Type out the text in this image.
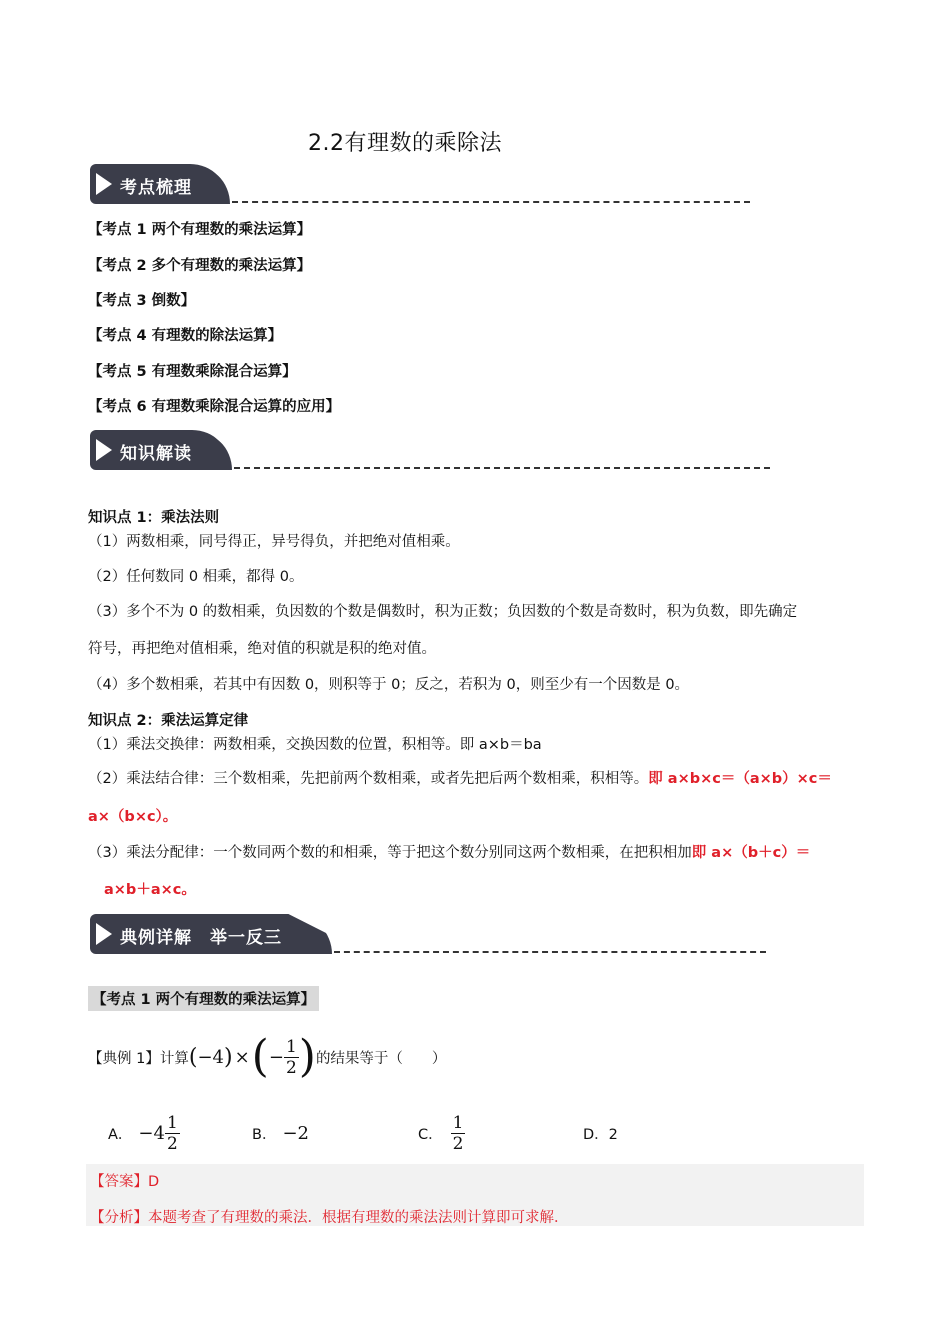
2.2有理数的乘除法
考点梳理
【考点 1 两个有理数的乘法运算】
【考点 2 多个有理数的乘法运算】
【考点 3 倒数】
【考点 4 有理数的除法运算】
【考点 5 有理数乘除混合运算】
【考点 6 有理数乘除混合运算的应用】
知识解读
知识点 1：乘法法则
（1）两数相乘，同号得正，异号得负，并把绝对值相乘。
（2）任何数同 0 相乘，都得 0。
（3）多个不为 0 的数相乘，负因数的个数是偶数时，积为正数；负因数的个数是奇数时，积为负数，即先确定
符号，再把绝对值相乘，绝对值的积就是积的绝对值。
（4）多个数相乘，若其中有因数 0，则积等于 0；反之，若积为 0，则至少有一个因数是 0。
知识点 2：乘法运算定律
（1）乘法交换律：两数相乘，交换因数的位置，积相等。即 a×b＝ba
（2）乘法结合律：三个数相乘，先把前两个数相乘，或者先把后两个数相乘，积相等。即 a×b×c＝（a×b）×c＝
a×（b×c）。
（3）乘法分配律：一个数同两个数的和相乘，等于把这个数分别同这两个数相乘，在把积相加即 a×（b＋c）＝
a×b＋a×c。
典例详解　举一反三
【考点 1 两个有理数的乘法运算】
【典例 1】 计算 ( −4 ) × ( − $\frac{1}{2}$ ) 的结果等于（　　）
A． $-4 \frac{1}{2}$	B． −2	C． $\frac{1}{2}$	D．2
【答案】D
【分析】本题考查了有理数的乘法．根据有理数的乘法法则计算即可求解．
